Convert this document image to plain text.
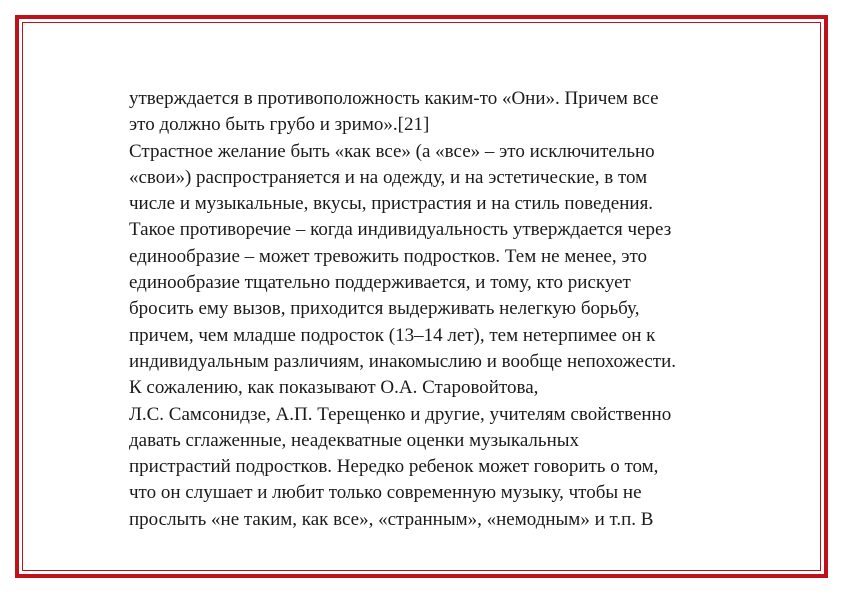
утверждается в противоположность каким-то «Они». Причем все
это должно быть грубо и зримо».[21]
Страстное желание быть «как все» (а «все» – это исключительно
«свои») распространяется и на одежду, и на эстетические, в том
числе и музыкальные, вкусы, пристрастия и на стиль поведения.
Такое противоречие – когда индивидуальность утверждается через
единообразие – может тревожить подростков. Тем не менее, это
единообразие тщательно поддерживается, и тому, кто рискует
бросить ему вызов, приходится выдерживать нелегкую борьбу,
причем, чем младше подросток (13–14 лет), тем нетерпимее он к
индивидуальным различиям, инакомыслию и вообще непохожести.
К сожалению, как показывают О.А. Старовойтова,
Л.С. Самсонидзе, А.П. Терещенко и другие, учителям свойственно
давать сглаженные, неадекватные оценки музыкальных
пристрастий подростков. Нередко ребенок может говорить о том,
что он слушает и любит только современную музыку, чтобы не
прослыть «не таким, как все», «странным», «немодным» и т.п. В
